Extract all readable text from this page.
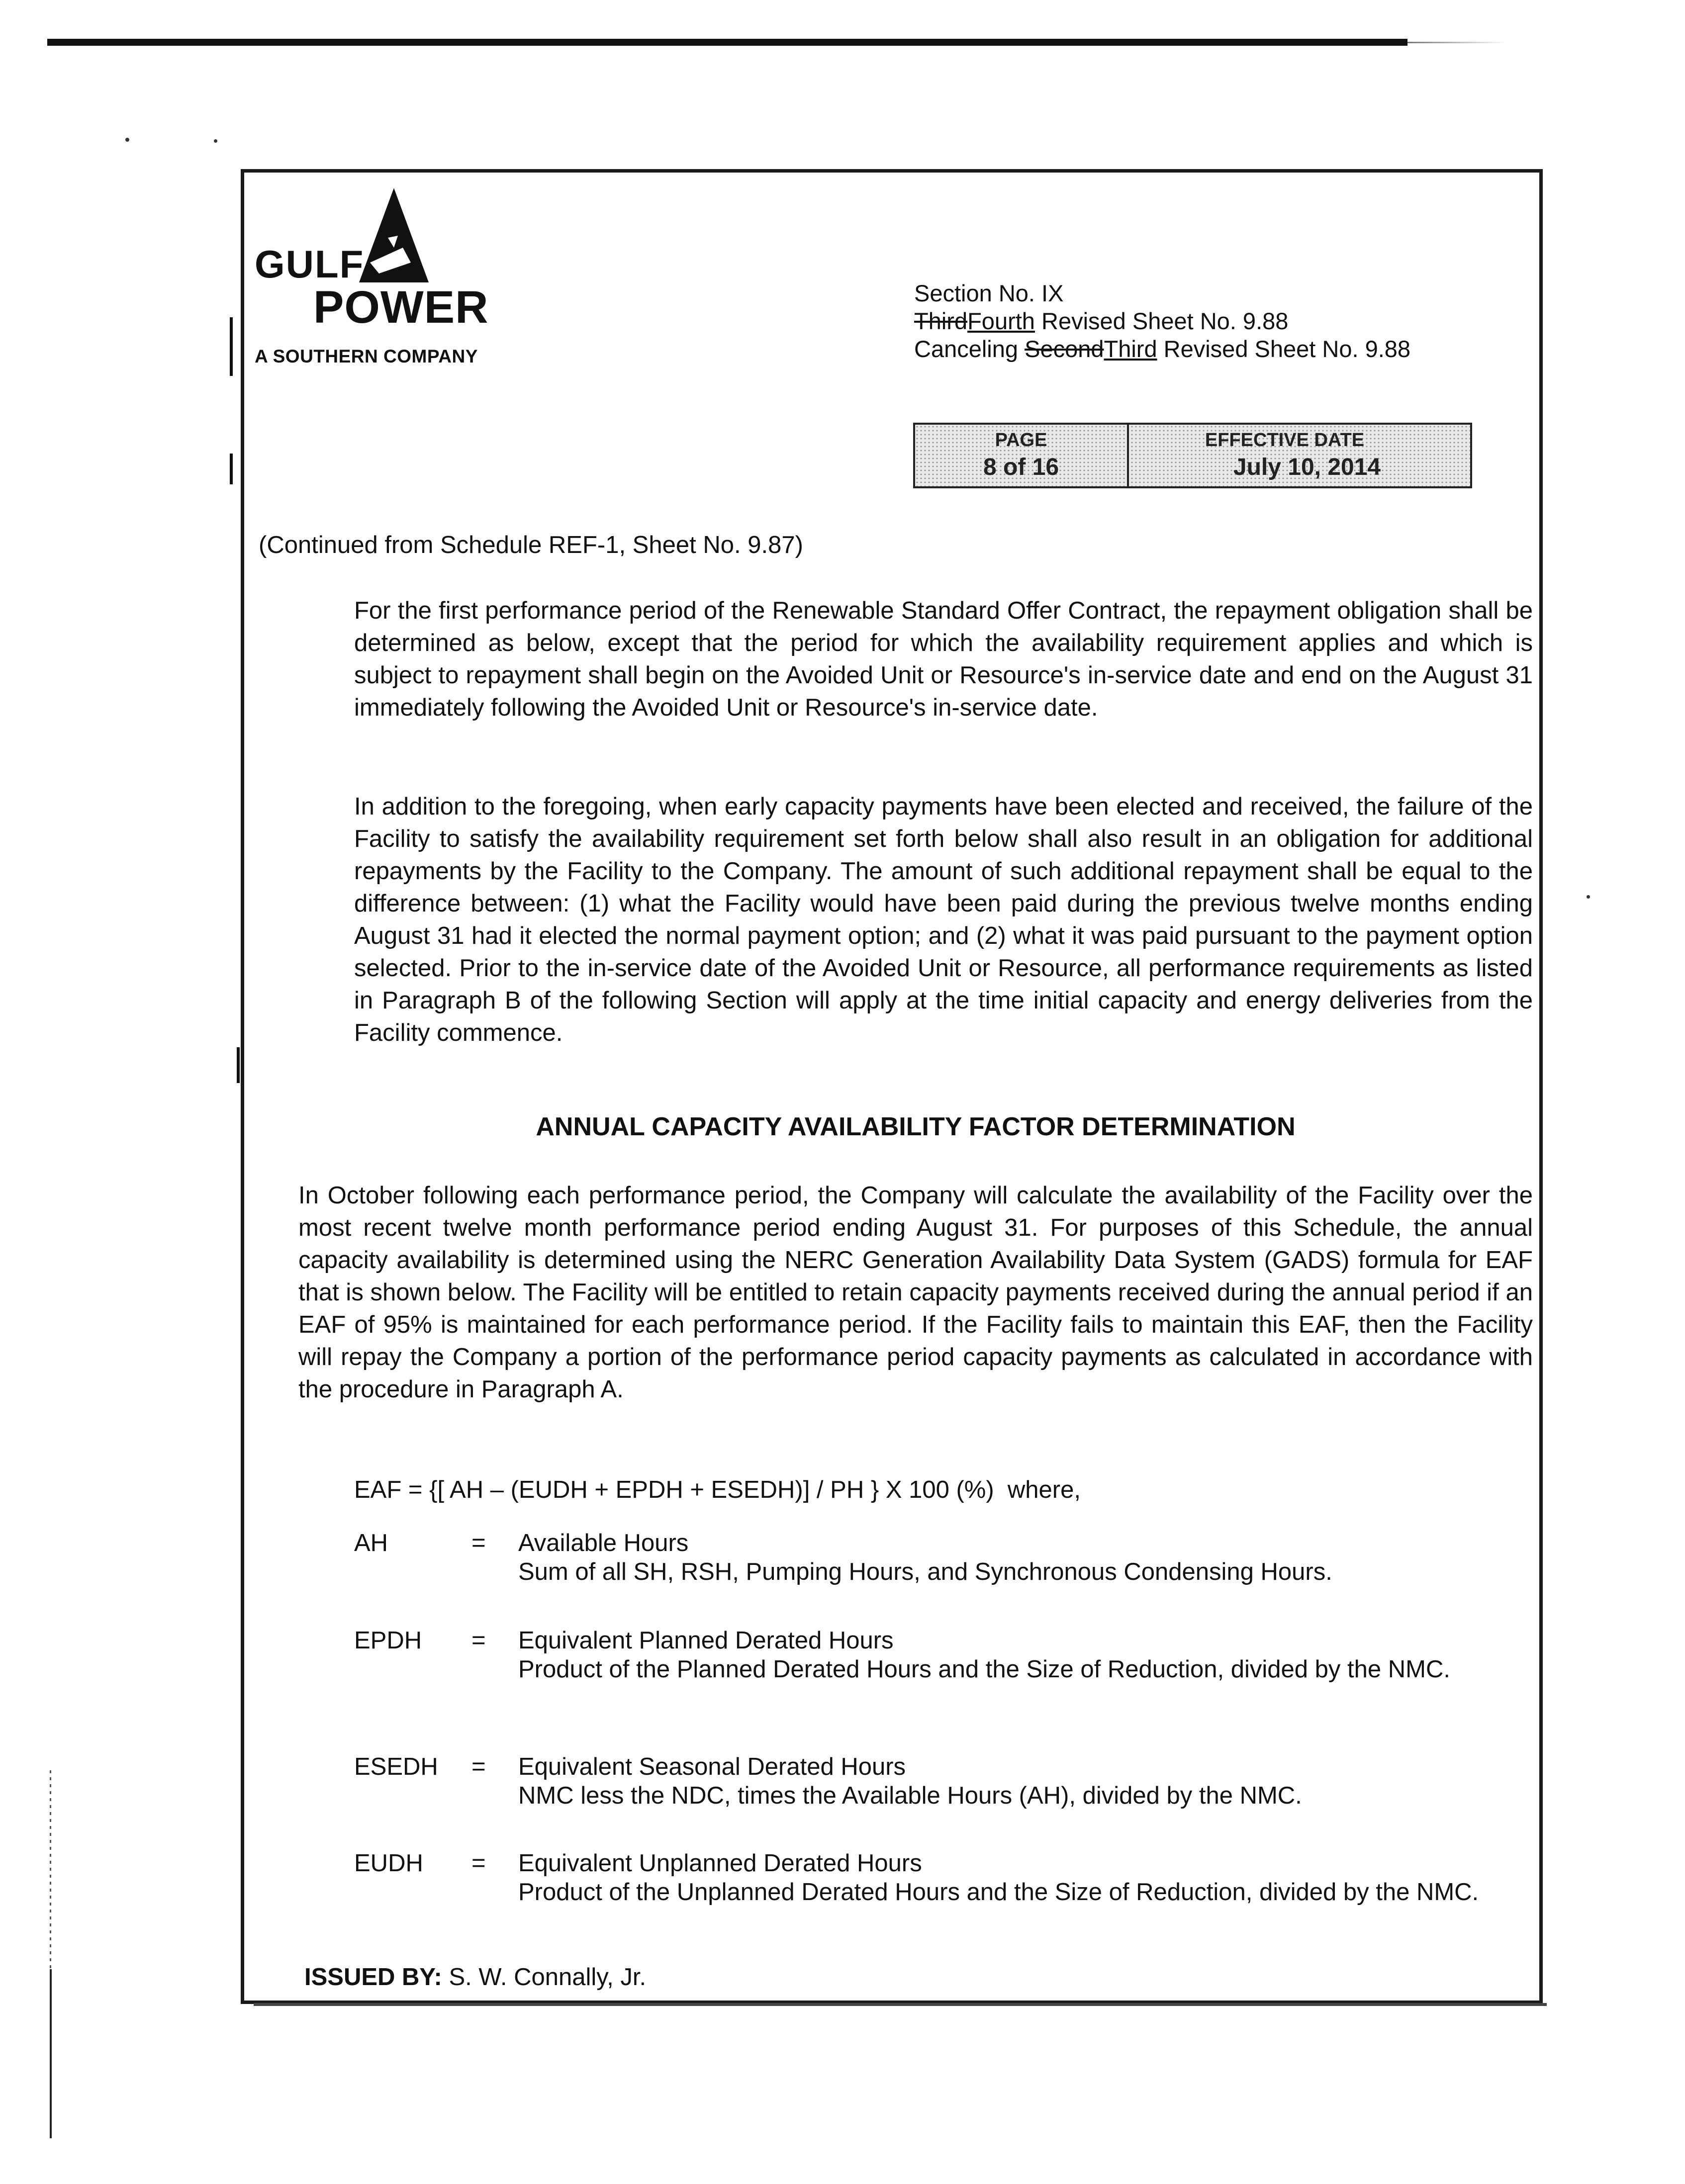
GULF
POWER
A SOUTHERN COMPANY
Section No. IX
ThirdFourth Revised Sheet No. 9.88
Canceling SecondThird Revised Sheet No. 9.88
PAGE
8 of 16
EFFECTIVE DATE
July 10, 2014
(Continued from Schedule REF-1, Sheet No. 9.87)
For the first performance period of the Renewable Standard Offer Contract, the repayment obligation shall be determined as below, except that the period for which the availability requirement applies and which is subject to repayment shall begin on the Avoided Unit or Resource's in-service date and end on the August 31 immediately following the Avoided Unit or Resource's in-service date.
In addition to the foregoing, when early capacity payments have been elected and received, the failure of the Facility to satisfy the availability requirement set forth below shall also result in an obligation for additional repayments by the Facility to the Company. The amount of such additional repayment shall be equal to the difference between: (1) what the Facility would have been paid during the previous twelve months ending August 31 had it elected the normal payment option; and (2) what it was paid pursuant to the payment option selected. Prior to the in-service date of the Avoided Unit or Resource, all performance requirements as listed in Paragraph B of the following Section will apply at the time initial capacity and energy deliveries from the Facility commence.
ANNUAL CAPACITY AVAILABILITY FACTOR DETERMINATION
In October following each performance period, the Company will calculate the availability of the Facility over the most recent twelve month performance period ending August 31. For purposes of this Schedule, the annual capacity availability is determined using the NERC Generation Availability Data System (GADS) formula for EAF that is shown below. The Facility will be entitled to retain capacity payments received during the annual period if an EAF of 95% is maintained for each performance period. If the Facility fails to maintain this EAF, then the Facility will repay the Company a portion of the performance period capacity payments as calculated in accordance with the procedure in Paragraph A.
EAF = {[ AH – (EUDH + EPDH + ESEDH)] / PH } X 100 (%)  where,
AH	= Available Hours
Sum of all SH, RSH, Pumping Hours, and Synchronous Condensing Hours.
EPDH = Equivalent Planned Derated Hours
Product of the Planned Derated Hours and the Size of Reduction, divided by the NMC.
ESEDH = Equivalent Seasonal Derated Hours
NMC less the NDC, times the Available Hours (AH), divided by the NMC.
EUDH = Equivalent Unplanned Derated Hours
Product of the Unplanned Derated Hours and the Size of Reduction, divided by the NMC.
ISSUED BY: S. W. Connally, Jr.
